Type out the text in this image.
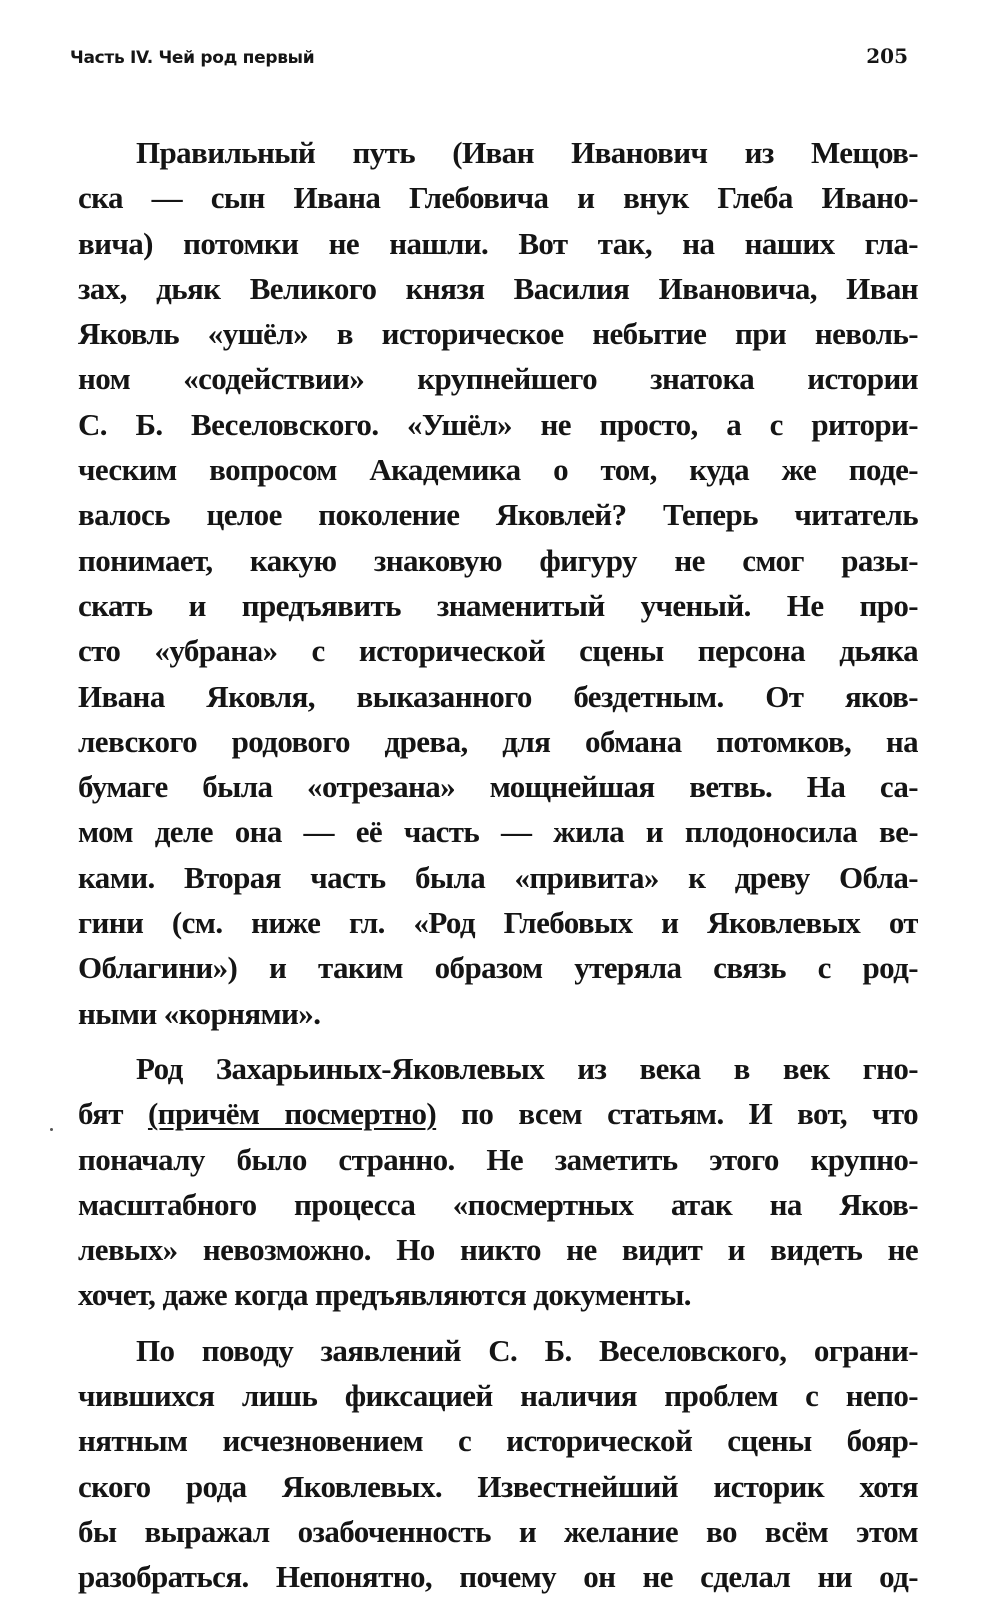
Часть IV. Чей род первый	205
Правильный путь (Иван Иванович из Мещов-
ска — сын Ивана Глебовича и внук Глеба Ивано-
вича) потомки не нашли. Вот так, на наших гла-
зах, дьяк Великого князя Василия Ивановича, Иван
Яковль «ушёл» в историческое небытие при неволь-
ном «содействии» крупнейшего знатока истории
С. Б. Веселовского. «Ушёл» не просто, а с ритори-
ческим вопросом Академика о том, куда же поде-
валось целое поколение Яковлей? Теперь читатель
понимает, какую знаковую фигуру не смог разы-
скать и предъявить знаменитый ученый. Не про-
сто «убрана» с исторической сцены персона дьяка
Ивана Яковля, выказанного бездетным. От яков-
левского родового древа, для обмана потомков, на
бумаге была «отрезана» мощнейшая ветвь. На са-
мом деле она — её часть — жила и плодоносила ве-
ками. Вторая часть была «привита» к древу Обла-
гини (см. ниже гл. «Род Глебовых и Яковлевых от
Облагини») и таким образом утеряла связь с род-
ными «корнями».
Род Захарьиных-Яковлевых из века в век гно-
бят (причём посмертно) по всем статьям. И вот, что
поначалу было странно. Не заметить этого крупно-
масштабного процесса «посмертных атак на Яков-
левых» невозможно. Но никто не видит и видеть не
хочет, даже когда предъявляются документы.
По поводу заявлений С. Б. Веселовского, ограни-
чившихся лишь фиксацией наличия проблем с непо-
нятным исчезновением с исторической сцены бояр-
ского рода Яковлевых. Известнейший историк хотя
бы выражал озабоченность и желание во всём этом
разобраться. Непонятно, почему он не сделал ни од-
